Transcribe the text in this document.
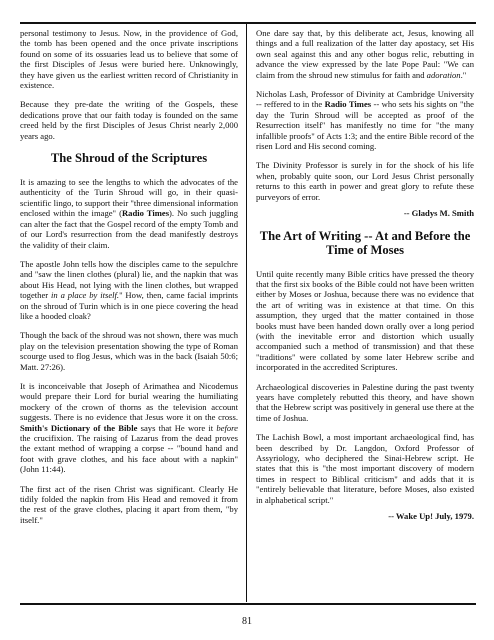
personal testimony to Jesus. Now, in the providence of God, the tomb has been opened and the once private inscriptions found on some of its ossuaries lead us to believe that some of the first Disciples of Jesus were buried here. Unknowingly, they have given us the earliest written record of Christianity in existence.

Because they pre-date the writing of the Gospels, these dedications prove that our faith today is founded on the same creed held by the first Disciples of Jesus Christ nearly 2,000 years ago.

The Shroud of the Scriptures

It is amazing to see the lengths to which the advocates of the authenticity of the Turin Shroud will go, in their quasi-scientific lingo, to support their "three dimensional information enclosed within the image" (Radio Times). No such juggling can alter the fact that the Gospel record of the empty Tomb and of our Lord's resurrection from the dead manifestly destroys the validity of their claim.

The apostle John tells how the disciples came to the sepulchre and "saw the linen clothes (plural) lie, and the napkin that was about His Head, not lying with the linen clothes, but wrapped together in a place by itself." How, then, came facial imprints on the shroud of Turin which is in one piece covering the head like a hooded cloak?

Though the back of the shroud was not shown, there was much play on the television presentation showing the type of Roman scourge used to flog Jesus, which was in the back (Isaiah 50:6; Matt. 27:26).

It is inconceivable that Joseph of Arimathea and Nicodemus would prepare their Lord for burial wearing the humiliating mockery of the crown of thorns as the television account suggests. There is no evidence that Jesus wore it on the cross. Smith's Dictionary of the Bible says that He wore it before the crucifixion. The raising of Lazarus from the dead proves the extant method of wrapping a corpse -- "bound hand and foot with grave clothes, and his face about with a napkin" (John 11:44).

The first act of the risen Christ was significant. Clearly He tidily folded the napkin from His Head and removed it from the rest of the grave clothes, placing it apart from them, "by itself."

One dare say that, by this deliberate act, Jesus, knowing all things and a full realization of the latter day apostacy, set His own seal against this and any other bogus relic, rebutting in advance the view expressed by the late Pope Paul: "We can claim from the shroud new stimulus for faith and adoration."

Nicholas Lash, Professor of Divinity at Cambridge University -- reffered to in the Radio Times -- who sets his sights on "the day the Turin Shroud will be accepted as proof of the Resurrection itself" has manifestly no time for "the many infallible proofs" of Acts 1:3; and the entire Bible record of the risen Lord and His second coming.

The Divinity Professor is surely in for the shock of his life when, probably quite soon, our Lord Jesus Christ personally returns to this earth in power and great glory to refute these purveyors of error.

-- Gladys M. Smith
The Art of Writing -- At and Before the Time of Moses

Until quite recently many Bible critics have pressed the theory that the first six books of the Bible could not have been written either by Moses or Joshua, because there was no evidence that the art of writing was in existence at that time. On this assumption, they urged that the matter contained in those books must have been handed down orally over a long period (with the inevitable error and distortion which usually accompanied such a method of transmission) and that these "traditions" were collated by some later Hebrew scribe and incorporated in the accredited Scriptures.

Archaeological discoveries in Palestine during the past twenty years have completely rebutted this theory, and have shown that the Hebrew script was positively in general use there at the time of Joshua.

The Lachish Bowl, a most important archaeological find, has been described by Dr. Langdon, Oxford Professor of Assyriology, who deciphered the Sinai-Hebrew script. He states that this is "the most important discovery of modern times in respect to Biblical criticism" and adds that it is "entirely believable that literature, before Moses, also existed in alphabetical script."

-- Wake Up! July, 1979.
81
